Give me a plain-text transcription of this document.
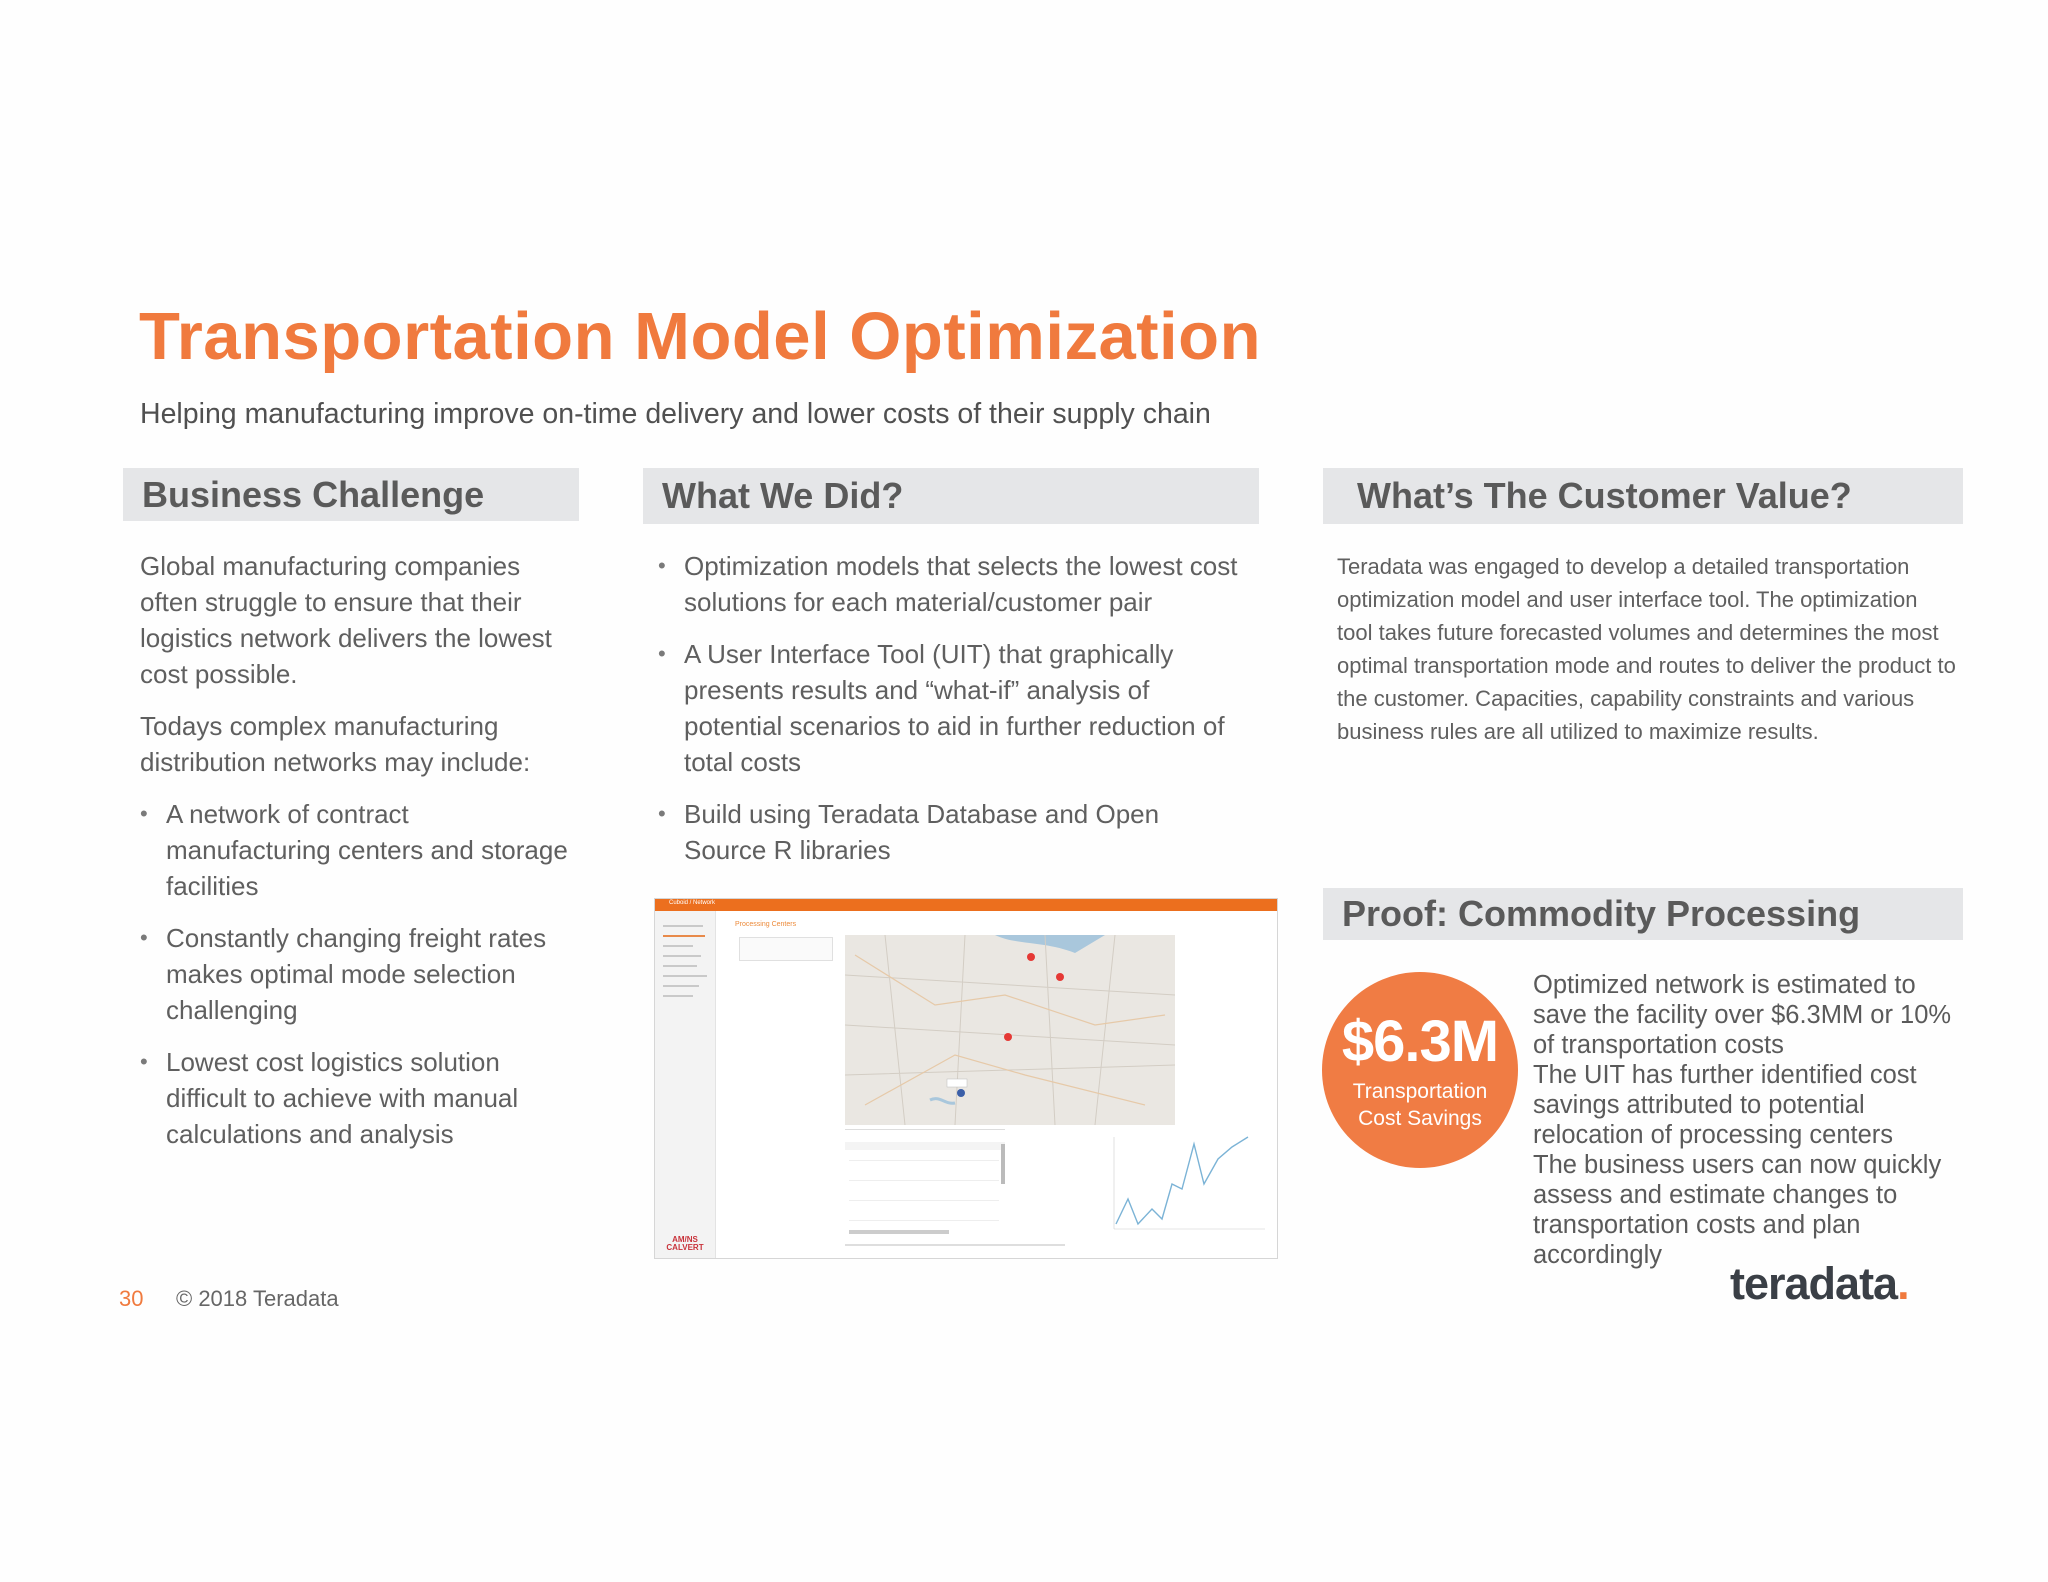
Transportation Model Optimization
Helping manufacturing improve on-time delivery and lower costs of their supply chain
Business Challenge

Global manufacturing companies often struggle to ensure that their logistics network delivers the lowest cost possible.

Todays complex manufacturing distribution networks may include:

• A network of contract manufacturing centers and storage facilities
• Constantly changing freight rates makes optimal mode selection challenging
• Lowest cost logistics solution difficult to achieve with manual calculations and analysis
What We Did?
• Optimization models that selects the lowest cost solutions for each material/customer pair
• A User Interface Tool (UIT) that graphically presents results and “what-if” analysis of potential scenarios to aid in further reduction of total costs
• Build using Teradata Database and Open Source R libraries
What’s The Customer Value?
Teradata was engaged to develop a detailed transportation optimization model and user interface tool. The optimization tool takes future forecasted volumes and determines the most optimal transportation mode and routes to deliver the product to the customer. Capacities, capability constraints and various business rules are all utilized to maximize results.
Proof: Commodity Processing
$6.3M
Transportation
Cost Savings

Optimized network is estimated to save the facility over $6.3MM or 10% of transportation costs

The UIT has further identified cost savings attributed to potential relocation of processing centers

The business users can now quickly assess and estimate changes to transportation costs and plan accordingly

Cuboid / Network
AM/NS CALVERT
Processing Centers
30 © 2018 Teradata	teradata.
